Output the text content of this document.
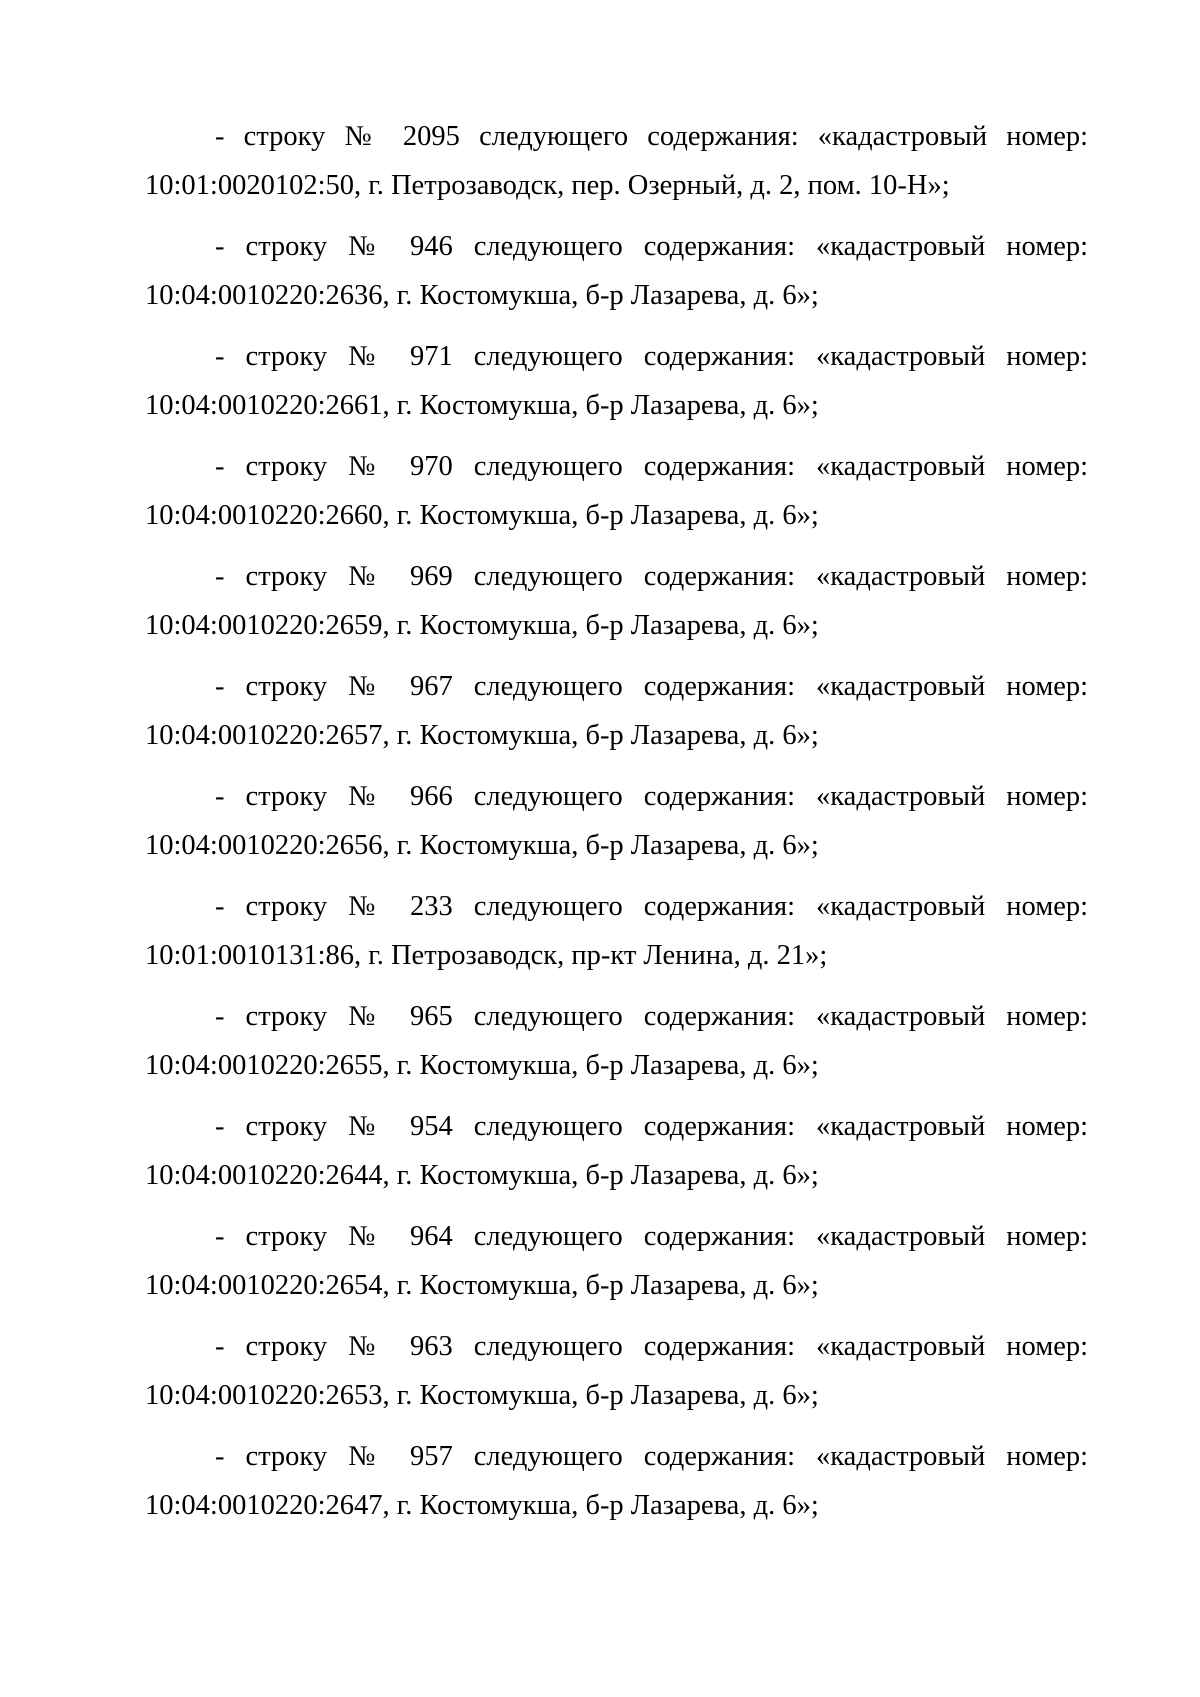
- строку № 2095 следующего содержания: «кадастровый номер:
10:01:0020102:50, г. Петрозаводск, пер. Озерный, д. 2, пом. 10-Н»;
- строку № 946 следующего содержания: «кадастровый номер:
10:04:0010220:2636, г. Костомукша, б-р Лазарева, д. 6»;
- строку № 971 следующего содержания: «кадастровый номер:
10:04:0010220:2661, г. Костомукша, б-р Лазарева, д. 6»;
- строку № 970 следующего содержания: «кадастровый номер:
10:04:0010220:2660, г. Костомукша, б-р Лазарева, д. 6»;
- строку № 969 следующего содержания: «кадастровый номер:
10:04:0010220:2659, г. Костомукша, б-р Лазарева, д. 6»;
- строку № 967 следующего содержания: «кадастровый номер:
10:04:0010220:2657, г. Костомукша, б-р Лазарева, д. 6»;
- строку № 966 следующего содержания: «кадастровый номер:
10:04:0010220:2656, г. Костомукша, б-р Лазарева, д. 6»;
- строку № 233 следующего содержания: «кадастровый номер:
10:01:0010131:86, г. Петрозаводск, пр-кт Ленина, д. 21»;
- строку № 965 следующего содержания: «кадастровый номер:
10:04:0010220:2655, г. Костомукша, б-р Лазарева, д. 6»;
- строку № 954 следующего содержания: «кадастровый номер:
10:04:0010220:2644, г. Костомукша, б-р Лазарева, д. 6»;
- строку № 964 следующего содержания: «кадастровый номер:
10:04:0010220:2654, г. Костомукша, б-р Лазарева, д. 6»;
- строку № 963 следующего содержания: «кадастровый номер:
10:04:0010220:2653, г. Костомукша, б-р Лазарева, д. 6»;
- строку № 957 следующего содержания: «кадастровый номер:
10:04:0010220:2647, г. Костомукша, б-р Лазарева, д. 6»;
